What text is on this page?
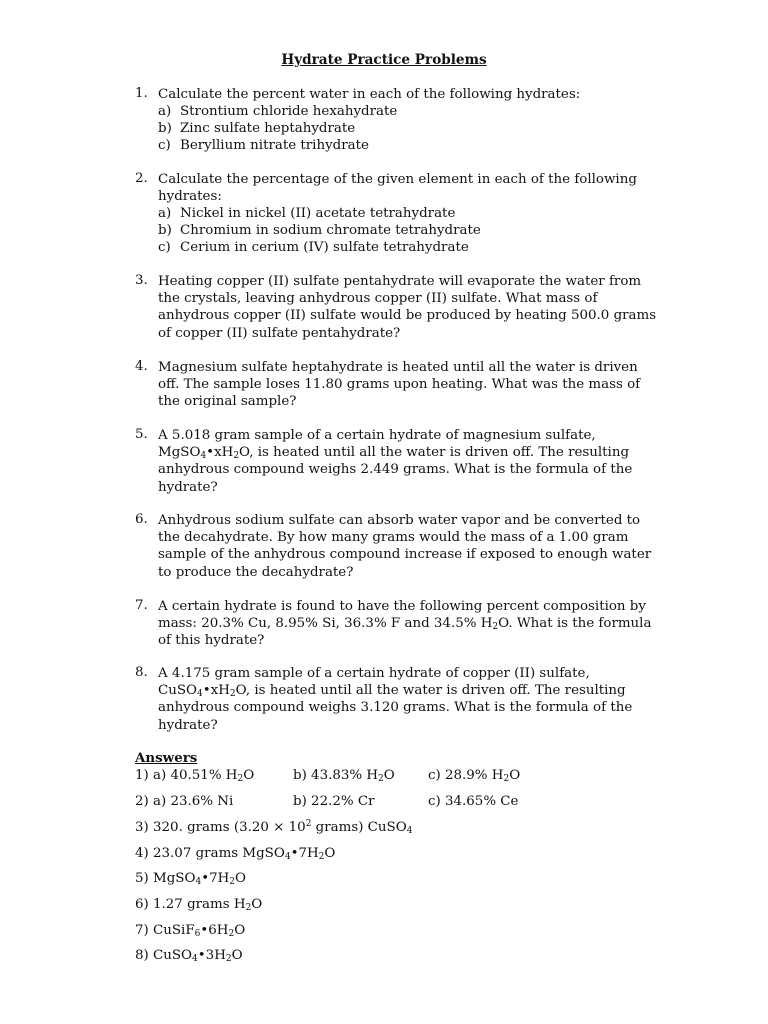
Hydrate Practice Problems
1. Calculate the percent water in each of the following hydrates:
a) Strontium chloride hexahydrate
b) Zinc sulfate heptahydrate
c) Beryllium nitrate trihydrate
2. Calculate the percentage of the given element in each of the following hydrates:
a) Nickel in nickel (II) acetate tetrahydrate
b) Chromium in sodium chromate tetrahydrate
c) Cerium in cerium (IV) sulfate tetrahydrate
3. Heating copper (II) sulfate pentahydrate will evaporate the water from the crystals, leaving anhydrous copper (II) sulfate. What mass of anhydrous copper (II) sulfate would be produced by heating 500.0 grams of copper (II) sulfate pentahydrate?
4. Magnesium sulfate heptahydrate is heated until all the water is driven off. The sample loses 11.80 grams upon heating. What was the mass of the original sample?
5. A 5.018 gram sample of a certain hydrate of magnesium sulfate,
$MgSO_4•xH_2O$, is heated until all the water is driven off. The resulting anhydrous compound weighs 2.449 grams. What is the formula of the hydrate?
6. Anhydrous sodium sulfate can absorb water vapor and be converted to the decahydrate. By how many grams would the mass of a 1.00 gram sample of the anhydrous compound increase if exposed to enough water to produce the decahydrate?
7. A certain hydrate is found to have the following percent composition by mass: 20.3% Cu, 8.95% Si, 36.3% F and 34.5% $H_2O$. What is the formula of this hydrate?
8. A 4.175 gram sample of a certain hydrate of copper (II) sulfate,
$CuSO_4•xH_2O$, is heated until all the water is driven off. The resulting anhydrous compound weighs 3.120 grams. What is the formula of the hydrate?
Answers
1) a) 40.51% $H_2O$	b) 43.83% $H_2O$ c) 28.9% $H_2O$
2) a) 23.6% Ni	b) 22.2% Cr	c) 34.65% Ce
3) 320. grams ($3.20 \times 10^2$ grams) CuSO$_4$
4) 23.07 grams $MgSO_4•7H_2O$
5) $MgSO_4•7H_2O$
6) 1.27 grams $H_2O$
7) $CuSiF_6•6H_2O$
8) $CuSO_4•3H_2O$
